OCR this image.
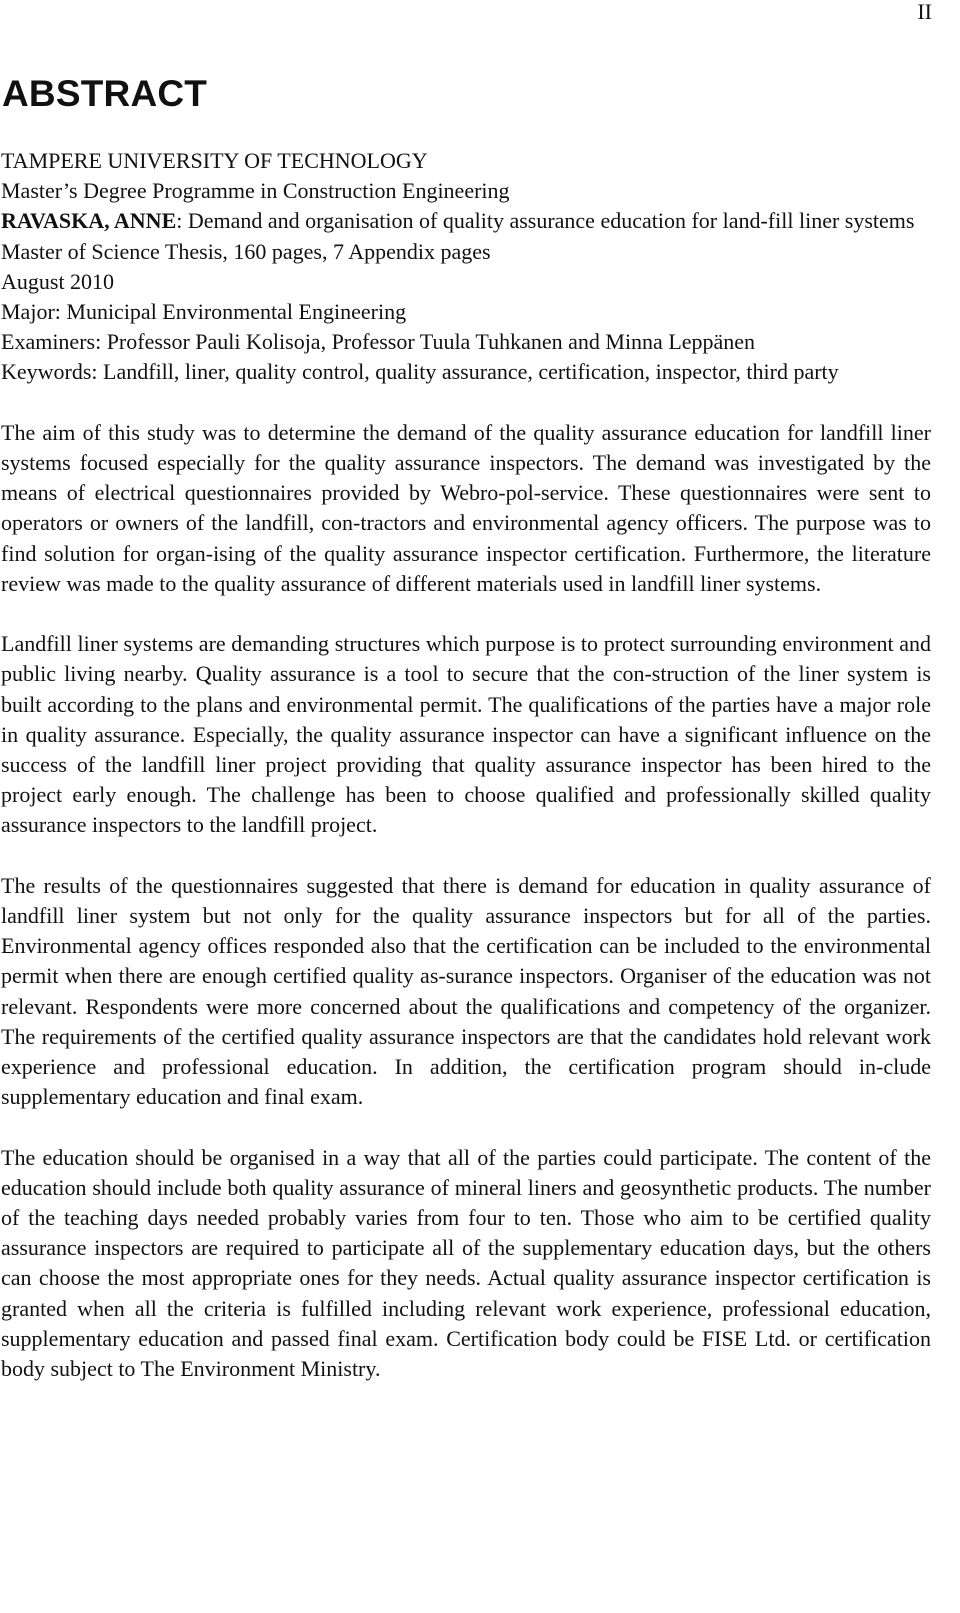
II
ABSTRACT

TAMPERE UNIVERSITY OF TECHNOLOGY

Master’s Degree Programme in Construction Engineering

RAVASKA, ANNE: Demand and organisation of quality assurance education for land-fill liner systems

Master of Science Thesis, 160 pages, 7 Appendix pages

August 2010

Major: Municipal Environmental Engineering

Examiners: Professor Pauli Kolisoja, Professor Tuula Tuhkanen and Minna Leppänen

Keywords: Landfill, liner, quality control, quality assurance, certification, inspector, third party

The aim of this study was to determine the demand of the quality assurance education for landfill liner systems focused especially for the quality assurance inspectors. The demand was investigated by the means of electrical questionnaires provided by Webro-pol-service. These questionnaires were sent to operators or owners of the landfill, con-tractors and environmental agency officers. The purpose was to find solution for organ-ising of the quality assurance inspector certification. Furthermore, the literature review was made to the quality assurance of different materials used in landfill liner systems.

Landfill liner systems are demanding structures which purpose is to protect surrounding environment and public living nearby. Quality assurance is a tool to secure that the con-struction of the liner system is built according to the plans and environmental permit. The qualifications of the parties have a major role in quality assurance. Especially, the quality assurance inspector can have a significant influence on the success of the landfill liner project providing that quality assurance inspector has been hired to the project early enough. The challenge has been to choose qualified and professionally skilled quality assurance inspectors to the landfill project.

The results of the questionnaires suggested that there is demand for education in quality assurance of landfill liner system but not only for the quality assurance inspectors but for all of the parties. Environmental agency offices responded also that the certification can be included to the environmental permit when there are enough certified quality as-surance inspectors. Organiser of the education was not relevant. Respondents were more concerned about the qualifications and competency of the organizer. The requirements of the certified quality assurance inspectors are that the candidates hold relevant work experience and professional education. In addition, the certification program should in-clude supplementary education and final exam.

The education should be organised in a way that all of the parties could participate. The content of the education should include both quality assurance of mineral liners and geosynthetic products. The number of the teaching days needed probably varies from four to ten. Those who aim to be certified quality assurance inspectors are required to participate all of the supplementary education days, but the others can choose the most appropriate ones for they needs. Actual quality assurance inspector certification is granted when all the criteria is fulfilled including relevant work experience, professional education, supplementary education and passed final exam. Certification body could be FISE Ltd. or certification body subject to The Environment Ministry.
